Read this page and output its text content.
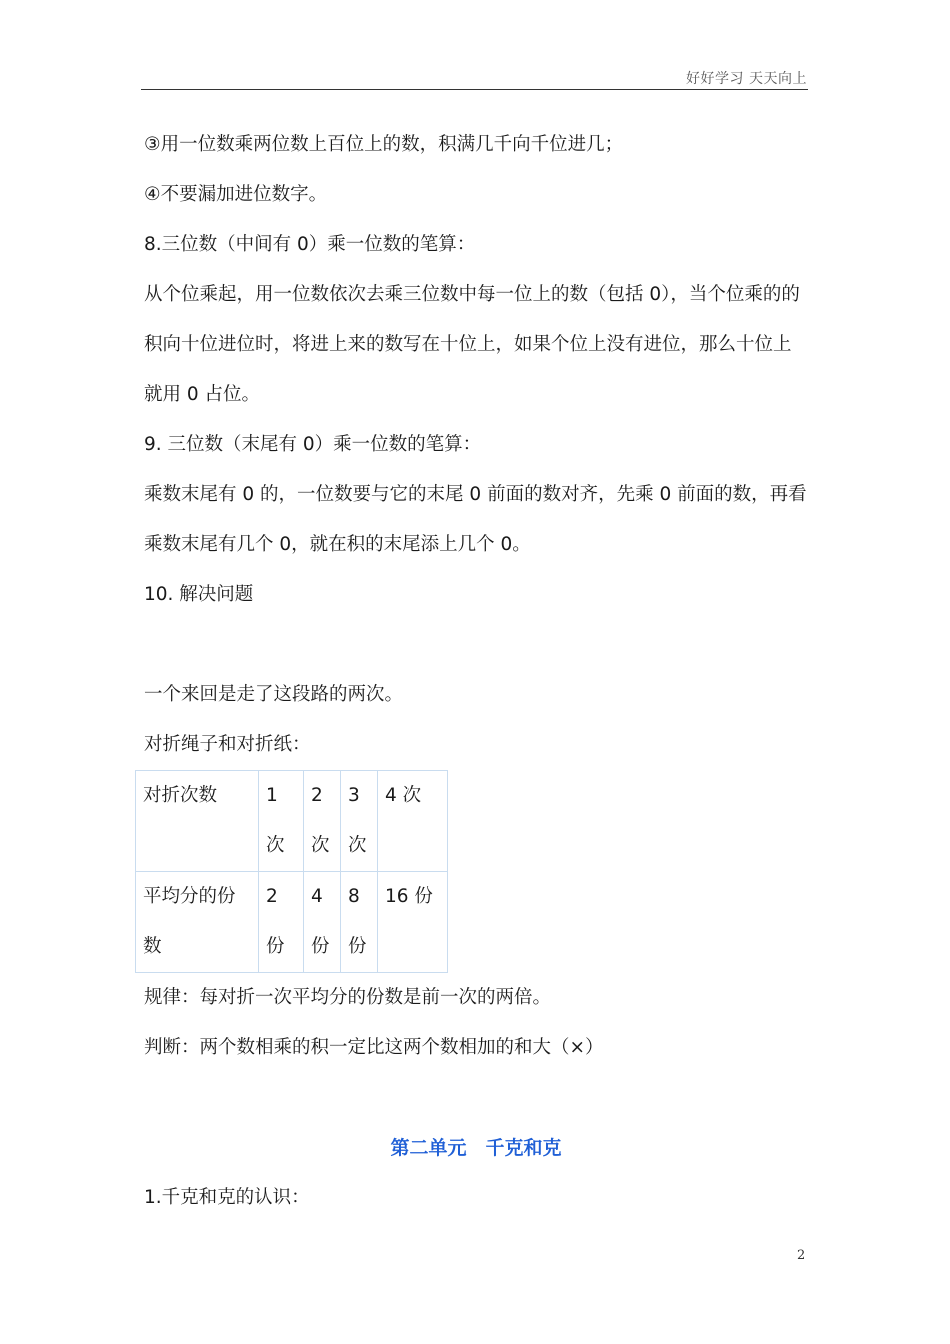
好好学习 天天向上

③用一位数乘两位数上百位上的数，积满几千向千位进几；

④不要漏加进位数字。

8.三位数（中间有 0）乘一位数的笔算：

从个位乘起，用一位数依次去乘三位数中每一位上的数（包括 0），当个位乘的的积向十位进位时，将进上来的数写在十位上，如果个位上没有进位，那么十位上就用 0 占位。

9. 三位数（末尾有 0）乘一位数的笔算：

乘数末尾有 0 的，一位数要与它的末尾 0 前面的数对齐，先乘 0 前面的数，再看乘数末尾有几个 0，就在积的末尾添上几个 0。

10. 解决问题

一个来回是走了这段路的两次。

对折绳子和对折纸：

对折次数	1 次	2 次	3 次	4 次
平均分的份数	2 份	4 份	8 份	16 份

规律：每对折一次平均分的份数是前一次的两倍。

判断：两个数相乘的积一定比这两个数相加的和大（×）

第二单元　千克和克

1.千克和克的认识：

2
